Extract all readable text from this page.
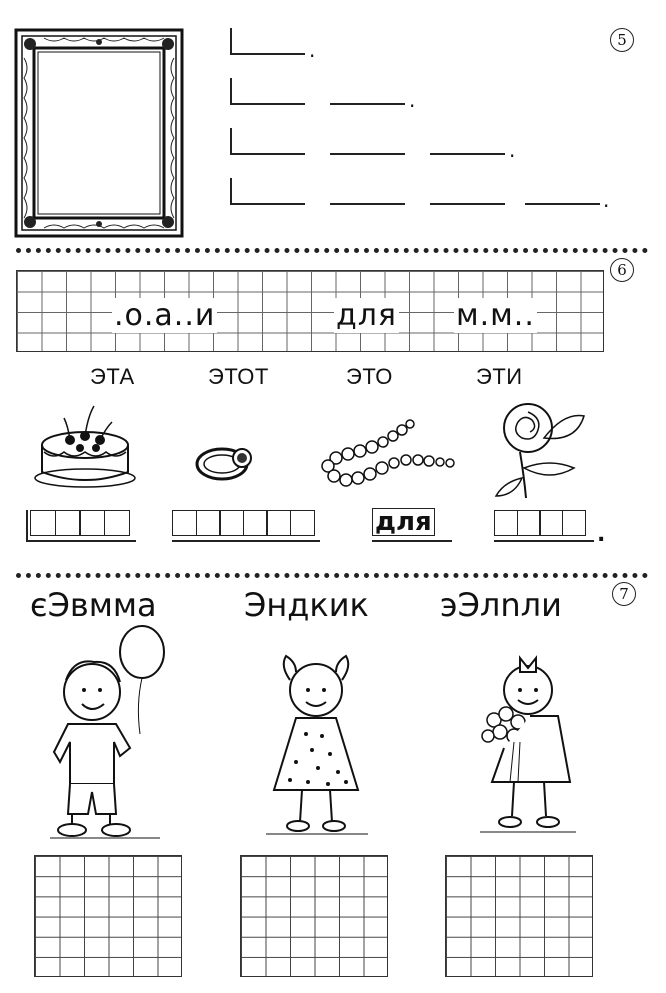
5
.
.
.
.
6
.о.а..и	для м.м..
ЭТА	ЭТОТ	ЭТО	ЭТИ
для	.
7
єЭвмма	Эндкик эЭлnли
